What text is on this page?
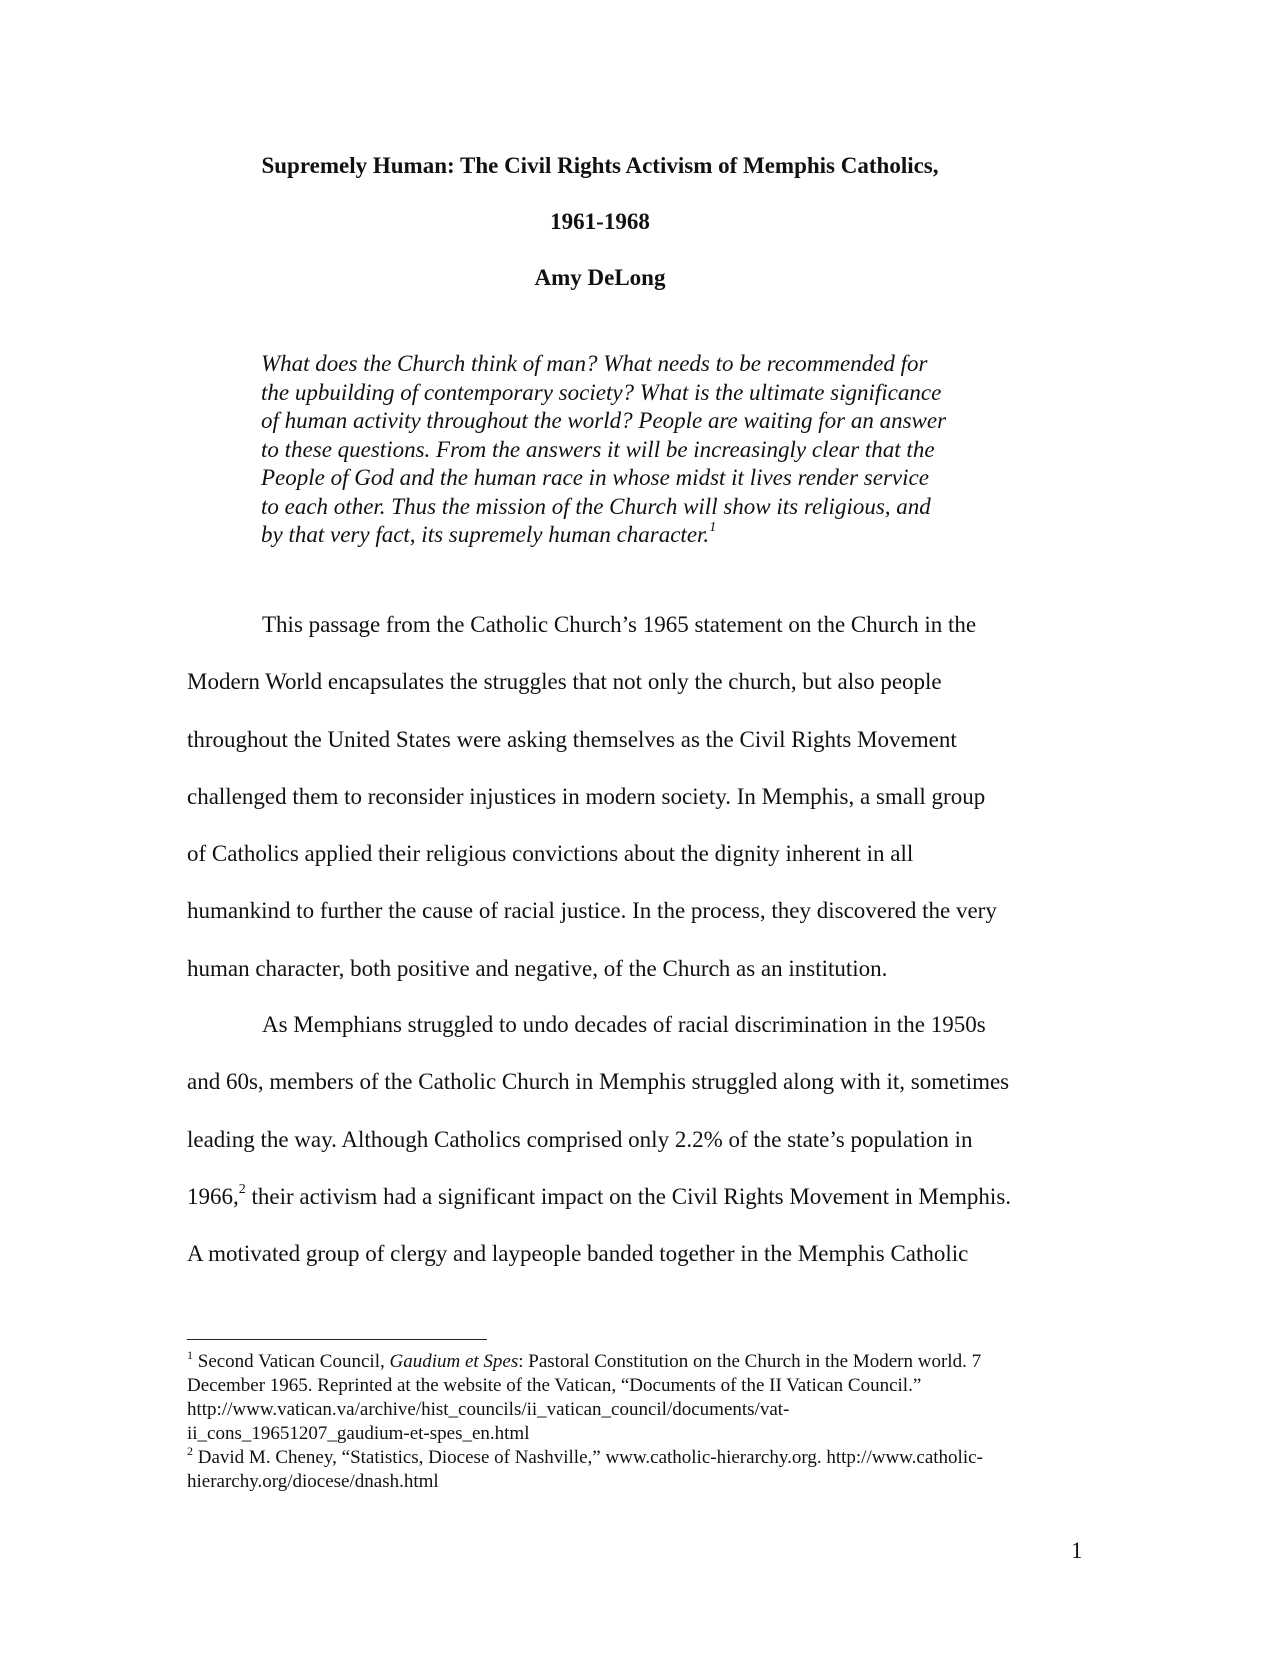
Supremely Human: The Civil Rights Activism of Memphis Catholics,
1961-1968
Amy DeLong
What does the Church think of man? What needs to be recommended for
the upbuilding of contemporary society? What is the ultimate significance
of human activity throughout the world? People are waiting for an answer
to these questions. From the answers it will be increasingly clear that the
People of God and the human race in whose midst it lives render service
to each other. Thus the mission of the Church will show its religious, and
by that very fact, its supremely human character.$^1$
This passage from the Catholic Church’s 1965 statement on the Church in the
Modern World encapsulates the struggles that not only the church, but also people
throughout the United States were asking themselves as the Civil Rights Movement
challenged them to reconsider injustices in modern society. In Memphis, a small group
of Catholics applied their religious convictions about the dignity inherent in all
humankind to further the cause of racial justice. In the process, they discovered the very
human character, both positive and negative, of the Church as an institution.
As Memphians struggled to undo decades of racial discrimination in the 1950s
and 60s, members of the Catholic Church in Memphis struggled along with it, sometimes
leading the way. Although Catholics comprised only 2.2% of the state’s population in
1966,$^2$ their activism had a significant impact on the Civil Rights Movement in Memphis.
A motivated group of clergy and laypeople banded together in the Memphis Catholic
$^1$ Second Vatican Council, Gaudium et Spes: Pastoral Constitution on the Church in the Modern world. 7
December 1965. Reprinted at the website of the Vatican, “Documents of the II Vatican Council.”
http://www.vatican.va/archive/hist_councils/ii_vatican_council/documents/vat-
ii_cons_19651207_gaudium-et-spes_en.html
$^2$ David M. Cheney, “Statistics, Diocese of Nashville,” www.catholic-hierarchy.org. http://www.catholic-
hierarchy.org/diocese/dnash.html
1
